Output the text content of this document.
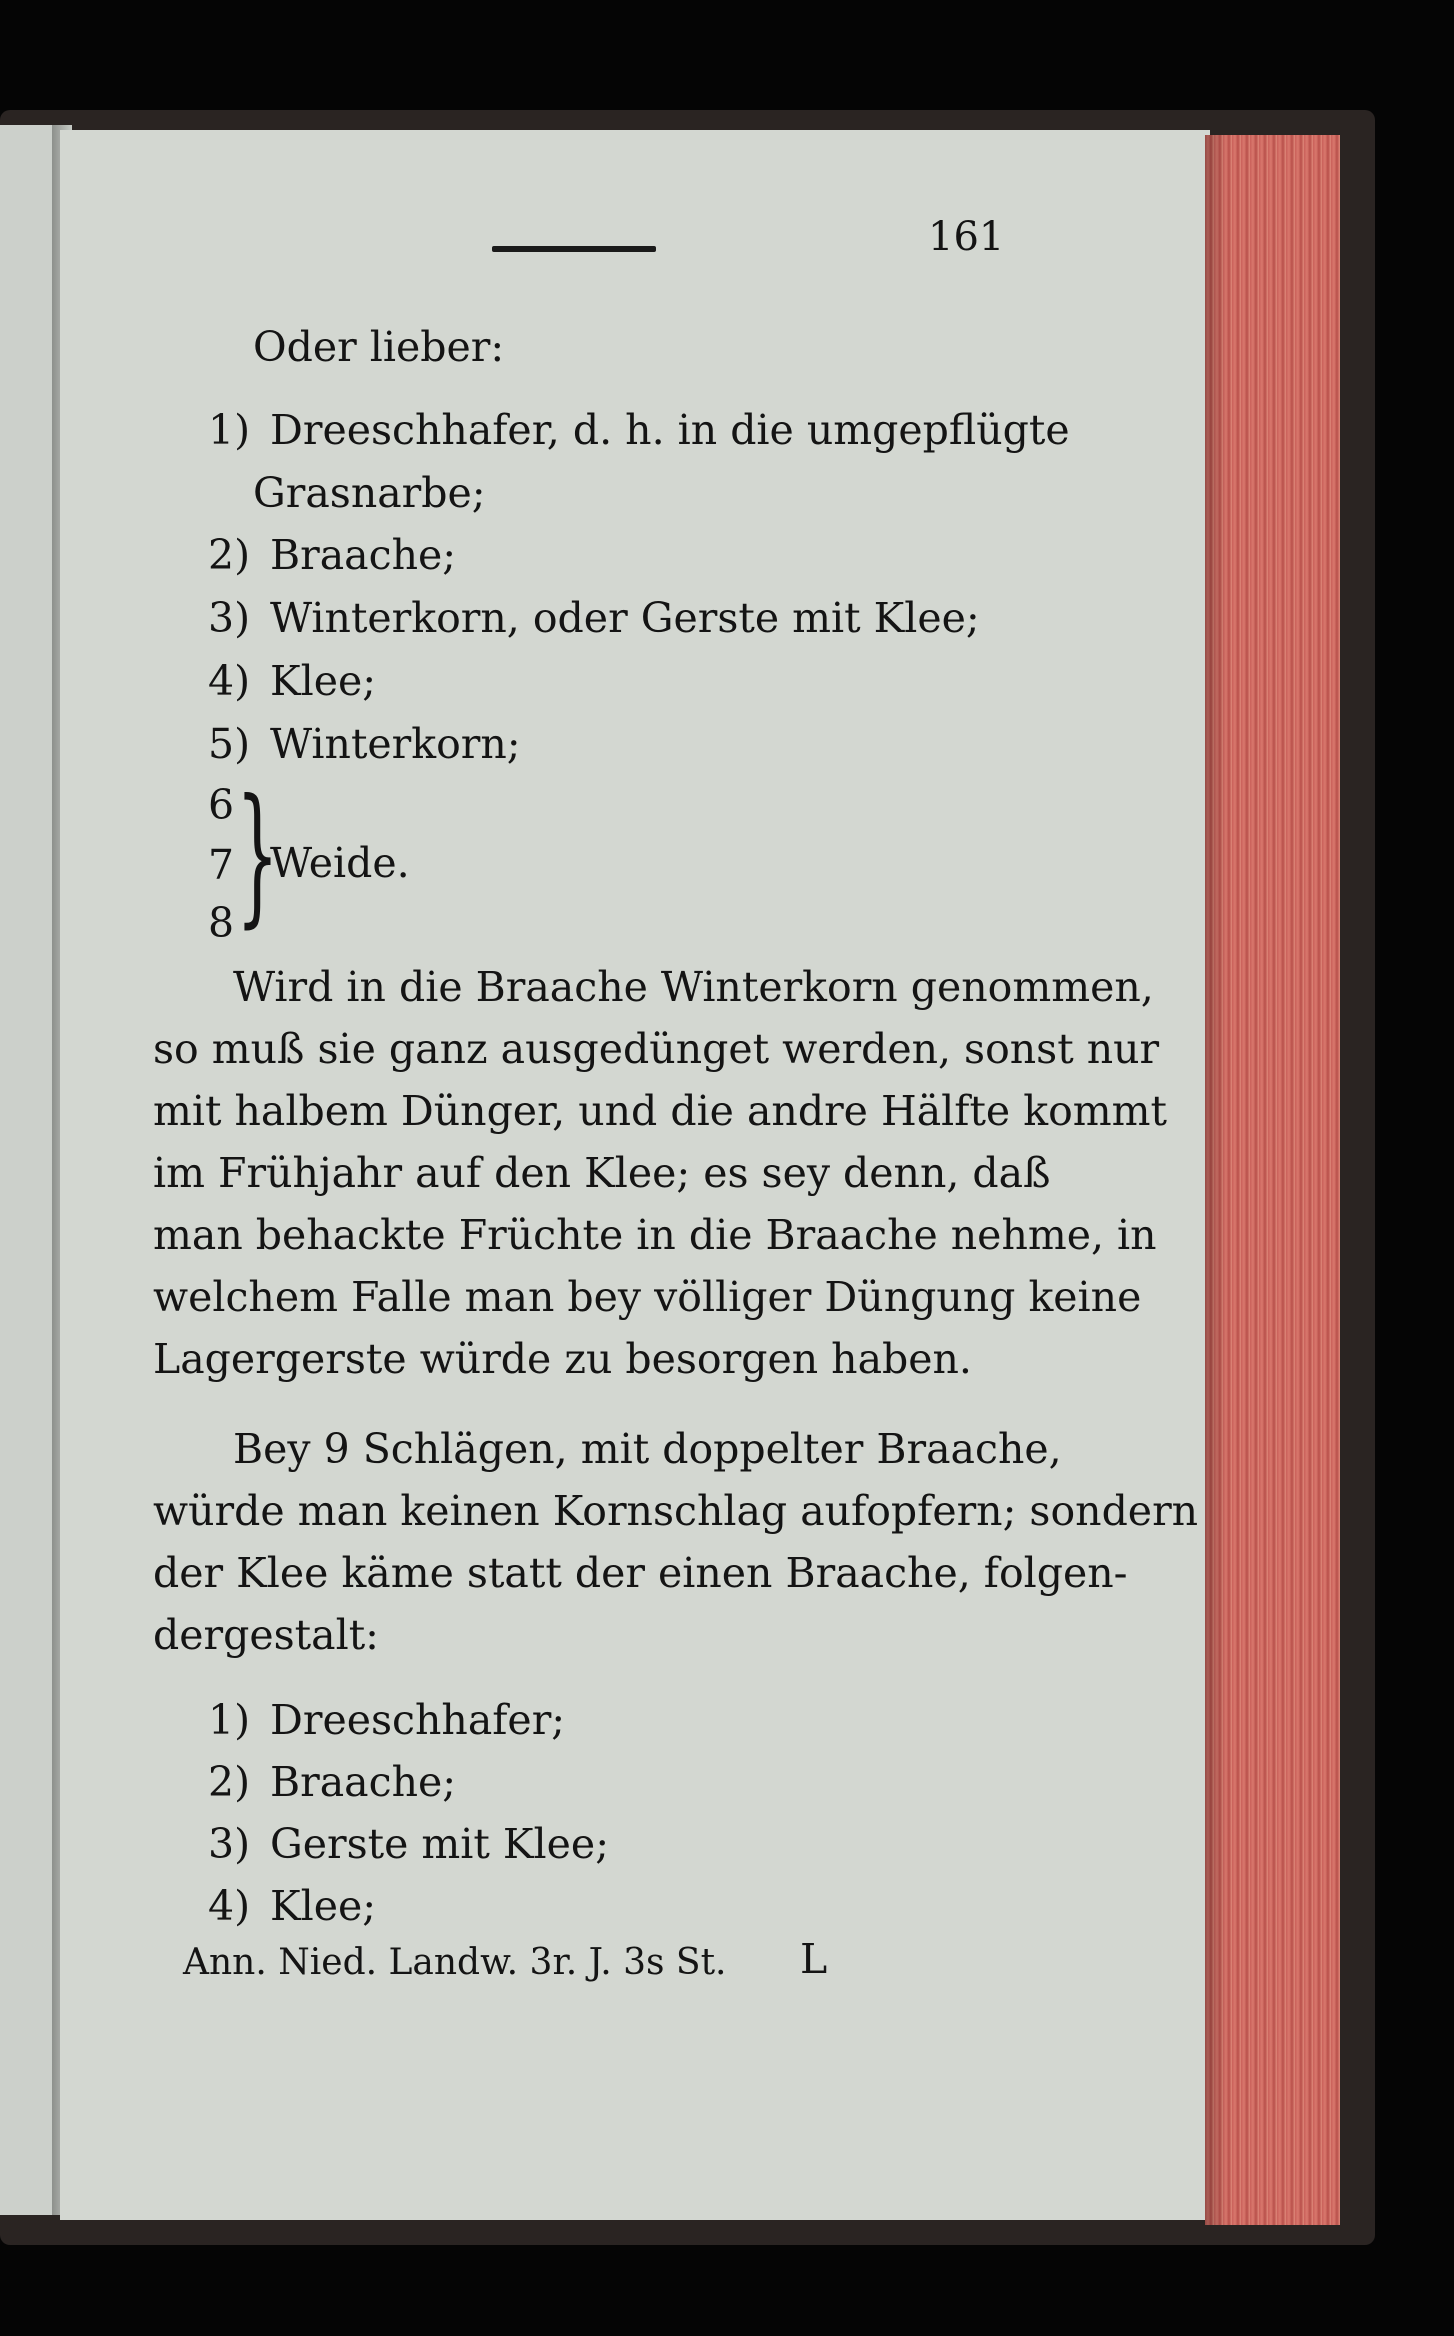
161

Oder lieber:

1) Dreeschhafer, d. h. in die umgepflügte

Grasnarbe;

2) Braache;

3) Winterkorn, oder Gerste mit Klee;

4) Klee;

5) Winterkorn;

6

7

8 }

Weide.

Wird in die Braache Winterkorn genommen,

so muß sie ganz ausgedünget werden, sonst nur

mit halbem Dünger, und die andre Hälfte kommt

im Frühjahr auf den Klee; es sey denn, daß

man behackte Früchte in die Braache nehme, in

welchem Falle man bey völliger Düngung keine

Lagergerste würde zu besorgen haben.

Bey 9 Schlägen, mit doppelter Braache,

würde man keinen Kornschlag aufopfern; sondern

der Klee käme statt der einen Braache, folgen-

dergestalt:

1) Dreeschhafer;

2) Braache;

3) Gerste mit Klee;

4) Klee;

Ann. Nied. Landw. 3r. J. 3s St. L
